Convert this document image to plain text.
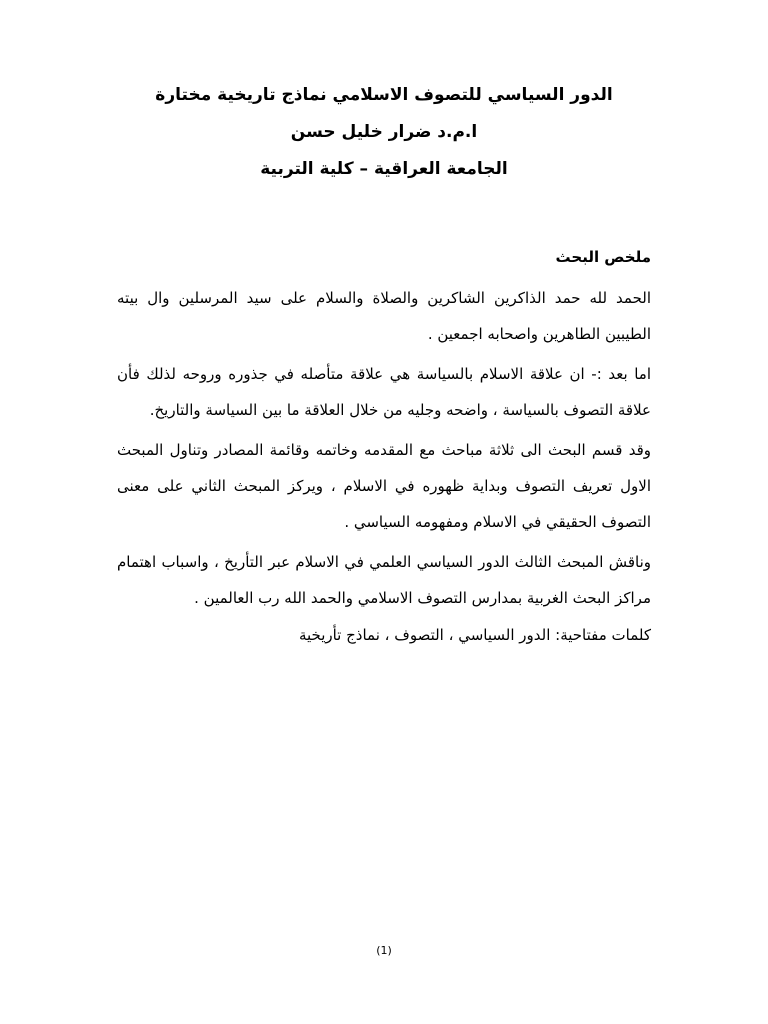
الدور السياسي للتصوف الاسلامي نماذج تاريخية مختارة
ا.م.د ضرار خليل حسن
الجامعة العراقية – كلية التربية
ملخص البحث

الحمد لله حمد الذاكرين الشاكرين والصلاة والسلام على سيد المرسلين وال بيته الطيبين الطاهرين واصحابه اجمعين .

اما بعد :- ان علاقة الاسلام بالسياسة هي علاقة متأصله في جذوره وروحه لذلك فأن علاقة التصوف بالسياسة ، واضحه وجليه من خلال العلاقة ما بين السياسة والتاريخ.

وقد قسم البحث الى ثلاثة مباحث مع المقدمه وخاتمه وقائمة المصادر وتناول المبحث الاول تعريف التصوف وبداية ظهوره في الاسلام ، ويركز المبحث الثاني على معنى التصوف الحقيقي في الاسلام ومفهومه السياسي .

وناقش المبحث الثالث الدور السياسي العلمي في الاسلام عبر التأريخ ، واسباب اهتمام مراكز البحث الغربية بمدارس التصوف الاسلامي والحمد الله رب العالمين .

كلمات مفتاحية: الدور السياسي ، التصوف ، نماذج تأريخية
(1)
